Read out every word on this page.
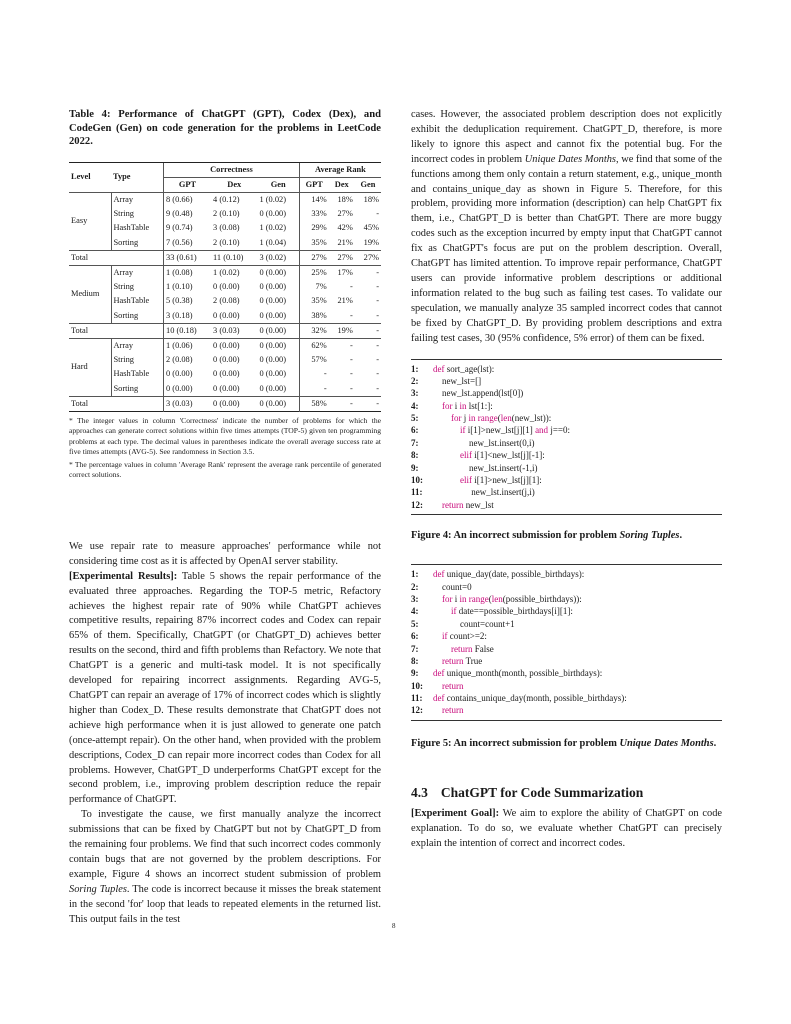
Table 4: Performance of ChatGPT (GPT), Codex (Dex), and CodeGen (Gen) on code generation for the problems in LeetCode 2022.

Level	Type	Correctness			Average Rank		
		GPT	Dex	Gen	GPT	Dex	Gen
Easy	Array	8 (0.66)	4 (0.12)	1 (0.02)	14%	18%	18%
	String	9 (0.48)	2 (0.10)	0 (0.00)	33%	27%	-
	HashTable	9 (0.74)	3 (0.08)	1 (0.02)	29%	42%	45%
	Sorting	7 (0.56)	2 (0.10)	1 (0.04)	35%	21%	19%
Total		33 (0.61)	11 (0.10)	3 (0.02)	27%	27%	27%
Medium	Array	1 (0.08)	1 (0.02)	0 (0.00)	25%	17%	-
	String	1 (0.10)	0 (0.00)	0 (0.00)	7%	-	-
	HashTable	5 (0.38)	2 (0.08)	0 (0.00)	35%	21%	-
	Sorting	3 (0.18)	0 (0.00)	0 (0.00)	38%	-	-
Total		10 (0.18)	3 (0.03)	0 (0.00)	32%	19%	-
Hard	Array	1 (0.06)	0 (0.00)	0 (0.00)	62%	-	-
	String	2 (0.08)	0 (0.00)	0 (0.00)	57%	-	-
	HashTable	0 (0.00)	0 (0.00)	0 (0.00)	-	-	-
	Sorting	0 (0.00)	0 (0.00)	0 (0.00)	-	-	-
Total		3 (0.03)	0 (0.00)	0 (0.00)	58%	-	-

* The integer values in column 'Correctness' indicate the number of problems for which the approaches can generate correct solutions within five times attempts (TOP-5) given ten programming problems at each type. The decimal values in parentheses indicate the overall average success rate at five times attempts (AVG-5). See randomness in Section 3.5.

* The percentage values in column 'Average Rank' represent the average rank percentile of generated correct solutions.

We use repair rate to measure approaches' performance while not considering time cost as it is affected by OpenAI server stability.

[Experimental Results]: Table 5 shows the repair performance of the evaluated three approaches. Regarding the TOP-5 metric, Refactory achieves the highest repair rate of 90% while ChatGPT achieves competitive results, repairing 87% incorrect codes and Codex can repair 65% of them. Specifically, ChatGPT (or ChatGPT_D) achieves better results on the second, third and fifth problems than Refactory. We note that ChatGPT is a generic and multi-task model. It is not specifically developed for repairing incorrect assignments. Regarding AVG-5, ChatGPT can repair an average of 17% of incorrect codes which is slightly higher than Codex_D. These results demonstrate that ChatGPT does not achieve high performance when it is just allowed to generate one patch (once-attempt repair). On the other hand, when provided with the problem descriptions, Codex_D can repair more incorrect codes than Codex for all problems. However, ChatGPT_D underperforms ChatGPT except for the second problem, i.e., improving problem description reduce the repair performance of ChatGPT.

To investigate the cause, we first manually analyze the incorrect submissions that can be fixed by ChatGPT but not by ChatGPT_D from the remaining four problems. We find that such incorrect codes commonly contain bugs that are not governed by the problem descriptions. For example, Figure 4 shows an incorrect student submission of problem Soring Tuples. The code is incorrect because it misses the break statement in the second 'for' loop that leads to repeated elements in the returned list. This output fails in the test

cases. However, the associated problem description does not explicitly exhibit the deduplication requirement. ChatGPT_D, therefore, is more likely to ignore this aspect and cannot fix the potential bug. For the incorrect codes in problem Unique Dates Months, we find that some of the functions among them only contain a return statement, e.g., unique_month and contains_unique_day as shown in Figure 5. Therefore, for this problem, providing more information (description) can help ChatGPT fix them, i.e., ChatGPT_D is better than ChatGPT. There are more buggy codes such as the exception incurred by empty input that ChatGPT cannot fix as ChatGPT's focus are put on the problem description. Overall, ChatGPT has limited attention. To improve repair performance, ChatGPT users can provide informative problem descriptions or additional information related to the bug such as failing test cases. To validate our speculation, we manually analyze 35 sampled incorrect codes that cannot be fixed by ChatGPT_D. By providing problem descriptions and extra failing test cases, 30 (95% confidence, 5% error) of them can be fixed.

1:	def sort_age(lst):
2:
	new_lst=[]
3:
	new_lst.append(lst[0])
4:
	for i in lst[1:]:
5:
	for j in
range ( len (new_lst)):
6:
	if i[1]>new_lst[j][1] and j==0:
7:
	new_lst.insert(0,i)
8:
	elif i[1]<new_lst[j][-1]:
9:
	new_lst.insert(-1,i)
10:
	elif i[1]>new_lst[j][1]:
11:
	new_lst.insert(j,i)
12:
	return new_lst

Figure 4: An incorrect submission for problem Soring Tuples.

1:	def unique_day(date, possible_birthdays):
2:
	count=0
3:
	for i in
range ( len (possible_birthdays)):
4:
	if date==possible_birthdays[i][1]:
5:
	count=count+1
6:
	if count>=2:
7:
	return False
8:
	return True
9:	def unique_month(month, possible_birthdays):
10:
	return
11:	def contains_unique_day(month, possible_birthdays):
12:
	return

Figure 5: An incorrect submission for problem Unique Dates Months.

4.3 ChatGPT for Code Summarization

[Experiment Goal]: We aim to explore the ability of ChatGPT on code explanation. To do so, we evaluate whether ChatGPT can precisely explain the intention of correct and incorrect codes.

8
